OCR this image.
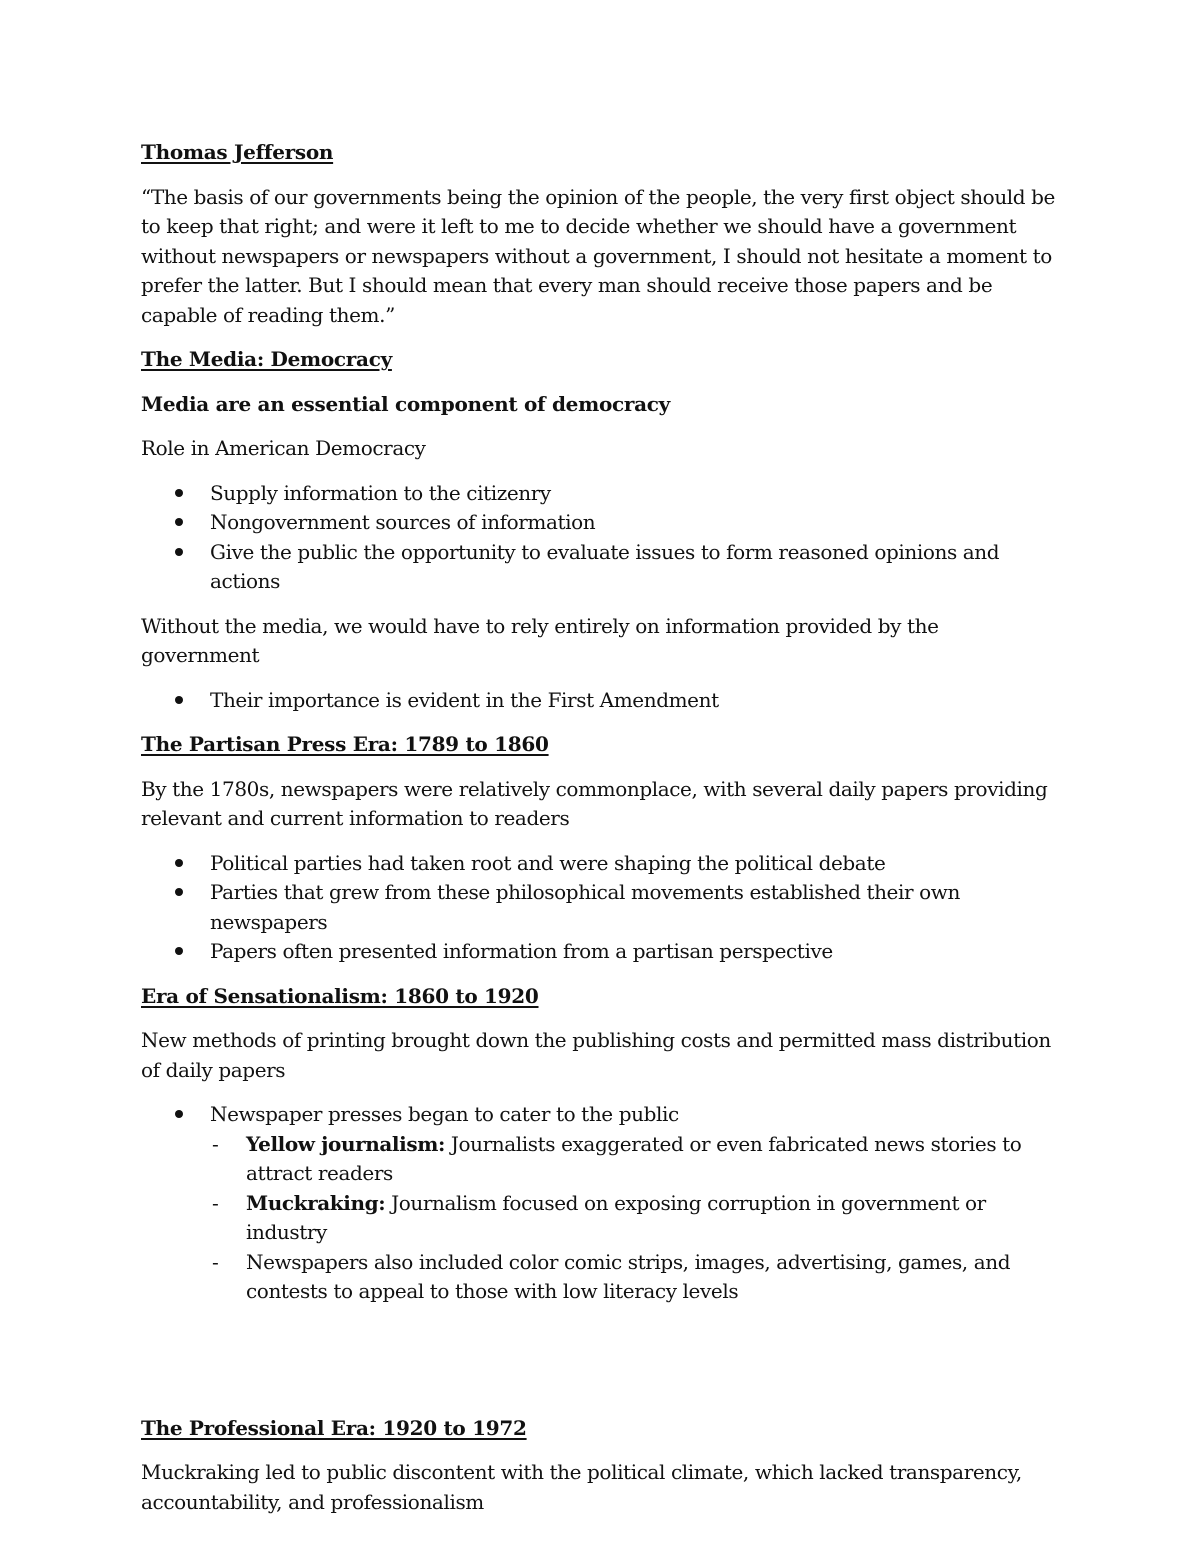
Thomas Jefferson

“The basis of our governments being the opinion of the people, the very first object should be to keep that right; and were it left to me to decide whether we should have a government without newspapers or newspapers without a government, I should not hesitate a moment to prefer the latter. But I should mean that every man should receive those papers and be capable of reading them.”

The Media: Democracy
Media are an essential component of democracy

Role in American Democracy

Supply information to the citizenry
Nongovernment sources of information
Give the public the opportunity to evaluate issues to form reasoned opinions and actions

Without the media, we would have to rely entirely on information provided by the government

Their importance is evident in the First Amendment
The Partisan Press Era: 1789 to 1860

By the 1780s, newspapers were relatively commonplace, with several daily papers providing relevant and current information to readers

Political parties had taken root and were shaping the political debate
Parties that grew from these philosophical movements established their own newspapers
Papers often presented information from a partisan perspective
Era of Sensationalism: 1860 to 1920

New methods of printing brought down the publishing costs and permitted mass distribution of daily papers

Newspaper presses began to cater to the public
- Yellow journalism: Journalists exaggerated or even fabricated news stories to attract readers
- Muckraking: Journalism focused on exposing corruption in government or industry
- Newspapers also included color comic strips, images, advertising, games, and contests to appeal to those with low literacy levels
The Professional Era: 1920 to 1972

Muckraking led to public discontent with the political climate, which lacked transparency, accountability, and professionalism
